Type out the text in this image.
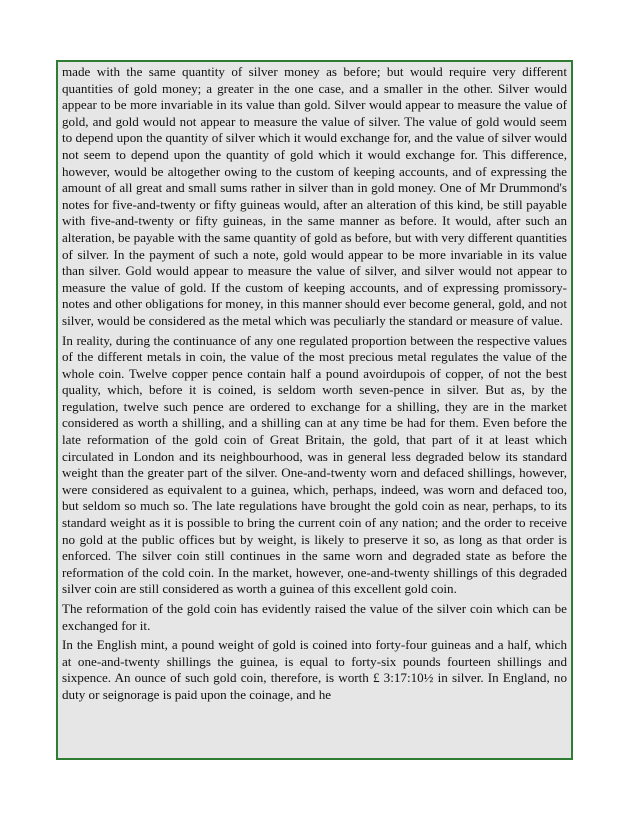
made with the same quantity of silver money as before; but would require very different quantities of gold money; a greater in the one case, and a smaller in the other. Silver would appear to be more invariable in its value than gold. Silver would appear to measure the value of gold, and gold would not appear to measure the value of silver. The value of gold would seem to depend upon the quantity of silver which it would exchange for, and the value of silver would not seem to depend upon the quantity of gold which it would exchange for. This difference, however, would be altogether owing to the custom of keeping accounts, and of expressing the amount of all great and small sums rather in silver than in gold money. One of Mr Drummond's notes for five-and-twenty or fifty guineas would, after an alteration of this kind, be still payable with five-and-twenty or fifty guineas, in the same manner as before. It would, after such an alteration, be payable with the same quantity of gold as before, but with very different quantities of silver. In the payment of such a note, gold would appear to be more invariable in its value than silver. Gold would appear to measure the value of silver, and silver would not appear to measure the value of gold. If the custom of keeping accounts, and of expressing promissory-notes and other obligations for money, in this manner should ever become general, gold, and not silver, would be considered as the metal which was peculiarly the standard or measure of value.

In reality, during the continuance of any one regulated proportion between the respective values of the different metals in coin, the value of the most precious metal regulates the value of the whole coin. Twelve copper pence contain half a pound avoirdupois of copper, of not the best quality, which, before it is coined, is seldom worth seven-pence in silver. But as, by the regulation, twelve such pence are ordered to exchange for a shilling, they are in the market considered as worth a shilling, and a shilling can at any time be had for them. Even before the late reformation of the gold coin of Great Britain, the gold, that part of it at least which circulated in London and its neighbourhood, was in general less degraded below its standard weight than the greater part of the silver. One-and-twenty worn and defaced shillings, however, were considered as equivalent to a guinea, which, perhaps, indeed, was worn and defaced too, but seldom so much so. The late regulations have brought the gold coin as near, perhaps, to its standard weight as it is possible to bring the current coin of any nation; and the order to receive no gold at the public offices but by weight, is likely to preserve it so, as long as that order is enforced. The silver coin still continues in the same worn and degraded state as before the reformation of the cold coin. In the market, however, one-and-twenty shillings of this degraded silver coin are still considered as worth a guinea of this excellent gold coin.

The reformation of the gold coin has evidently raised the value of the silver coin which can be exchanged for it.

In the English mint, a pound weight of gold is coined into forty-four guineas and a half, which at one-and-twenty shillings the guinea, is equal to forty-six pounds fourteen shillings and sixpence. An ounce of such gold coin, therefore, is worth £ 3:17:10½ in silver. In England, no duty or seignorage is paid upon the coinage, and he
